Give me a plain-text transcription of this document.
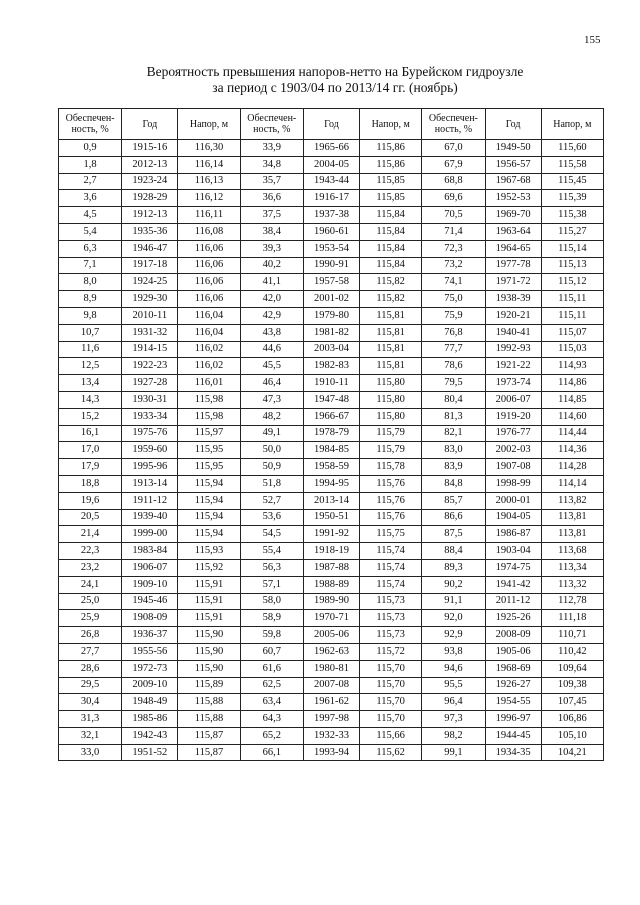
155
Вероятность превышения напоров-нетто на Бурейском гидроузле
за период с 1903/04 по 2013/14 гг. (ноябрь)
Обеспечен-
ность, %	Год	Напор, м	Обеспечен-
ность, %	Год	Напор, м	Обеспечен-
ность, %	Год	Напор, м
0,9	1915-16	116,30	33,9	1965-66	115,86	67,0	1949-50	115,60
1,8	2012-13	116,14	34,8	2004-05	115,86	67,9	1956-57	115,58
2,7	1923-24	116,13	35,7	1943-44	115,85	68,8	1967-68	115,45
3,6	1928-29	116,12	36,6	1916-17	115,85	69,6	1952-53	115,39
4,5	1912-13	116,11	37,5	1937-38	115,84	70,5	1969-70	115,38
5,4	1935-36	116,08	38,4	1960-61	115,84	71,4	1963-64	115,27
6,3	1946-47	116,06	39,3	1953-54	115,84	72,3	1964-65	115,14
7,1	1917-18	116,06	40,2	1990-91	115,84	73,2	1977-78	115,13
8,0	1924-25	116,06	41,1	1957-58	115,82	74,1	1971-72	115,12
8,9	1929-30	116,06	42,0	2001-02	115,82	75,0	1938-39	115,11
9,8	2010-11	116,04	42,9	1979-80	115,81	75,9	1920-21	115,11
10,7	1931-32	116,04	43,8	1981-82	115,81	76,8	1940-41	115,07
11,6	1914-15	116,02	44,6	2003-04	115,81	77,7	1992-93	115,03
12,5	1922-23	116,02	45,5	1982-83	115,81	78,6	1921-22	114,93
13,4	1927-28	116,01	46,4	1910-11	115,80	79,5	1973-74	114,86
14,3	1930-31	115,98	47,3	1947-48	115,80	80,4	2006-07	114,85
15,2	1933-34	115,98	48,2	1966-67	115,80	81,3	1919-20	114,60
16,1	1975-76	115,97	49,1	1978-79	115,79	82,1	1976-77	114,44
17,0	1959-60	115,95	50,0	1984-85	115,79	83,0	2002-03	114,36
17,9	1995-96	115,95	50,9	1958-59	115,78	83,9	1907-08	114,28
18,8	1913-14	115,94	51,8	1994-95	115,76	84,8	1998-99	114,14
19,6	1911-12	115,94	52,7	2013-14	115,76	85,7	2000-01	113,82
20,5	1939-40	115,94	53,6	1950-51	115,76	86,6	1904-05	113,81
21,4	1999-00	115,94	54,5	1991-92	115,75	87,5	1986-87	113,81
22,3	1983-84	115,93	55,4	1918-19	115,74	88,4	1903-04	113,68
23,2	1906-07	115,92	56,3	1987-88	115,74	89,3	1974-75	113,34
24,1	1909-10	115,91	57,1	1988-89	115,74	90,2	1941-42	113,32
25,0	1945-46	115,91	58,0	1989-90	115,73	91,1	2011-12	112,78
25,9	1908-09	115,91	58,9	1970-71	115,73	92,0	1925-26	111,18
26,8	1936-37	115,90	59,8	2005-06	115,73	92,9	2008-09	110,71
27,7	1955-56	115,90	60,7	1962-63	115,72	93,8	1905-06	110,42
28,6	1972-73	115,90	61,6	1980-81	115,70	94,6	1968-69	109,64
29,5	2009-10	115,89	62,5	2007-08	115,70	95,5	1926-27	109,38
30,4	1948-49	115,88	63,4	1961-62	115,70	96,4	1954-55	107,45
31,3	1985-86	115,88	64,3	1997-98	115,70	97,3	1996-97	106,86
32,1	1942-43	115,87	65,2	1932-33	115,66	98,2	1944-45	105,10
33,0	1951-52	115,87	66,1	1993-94	115,62	99,1	1934-35	104,21
